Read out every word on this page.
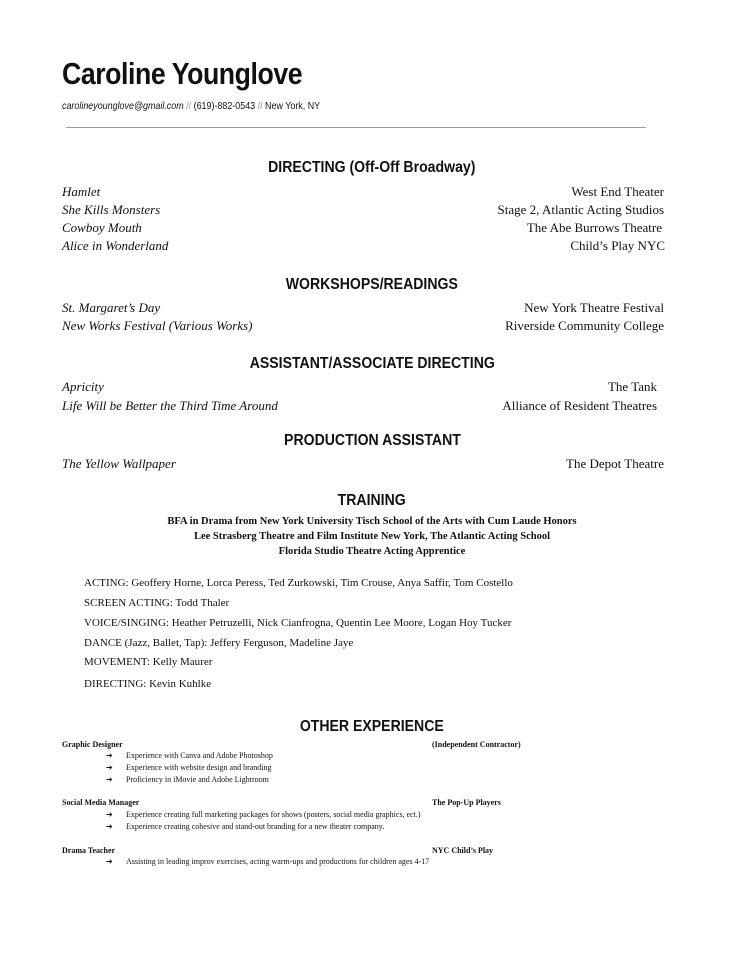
Caroline Younglove
carolineyounglove@gmail.com // (619)-882-0543 // New York, NY
DIRECTING (Off-Off Broadway)
Hamlet	West End Theater
She Kills Monsters	Stage 2, Atlantic Acting Studios
Cowboy Mouth	The Abe Burrows Theatre
Alice in Wonderland	Child’s Play NYC
WORKSHOPS/READINGS
St. Margaret’s Day	New York Theatre Festival
New Works Festival (Various Works)	Riverside Community College
ASSISTANT/ASSOCIATE DIRECTING
Apricity	The Tank
Life Will be Better the Third Time Around	Alliance of Resident Theatres
PRODUCTION ASSISTANT
The Yellow Wallpaper	The Depot Theatre
TRAINING
BFA in Drama from New York University Tisch School of the Arts with Cum Laude Honors
Lee Strasberg Theatre and Film Institute New York, The Atlantic Acting School
Florida Studio Theatre Acting Apprentice
ACTING: Geoffery Horne, Lorca Peress, Ted Zurkowski, Tim Crouse, Anya Saffir, Tom Costello
SCREEN ACTING: Todd Thaler
VOICE/SINGING: Heather Petruzelli, Nick Cianfrogna, Quentin Lee Moore, Logan Hoy Tucker
DANCE (Jazz, Ballet, Tap): Jeffery Ferguson, Madeline Jaye
MOVEMENT: Kelly Maurer
DIRECTING: Kevin Kuhlke
OTHER EXPERIENCE
Graphic Designer	(Independent Contractor)
➔ Experience with Canva and Adobe Photoshop
➔ Experience with website design and branding
➔ Proficiency in iMovie and Adobe Lightroom
Social Media Manager	The Pop-Up Players
➔ Experience creating full marketing packages for shows (posters, social media graphics, ect.)
➔ Experience creating cohesive and stand-out branding for a new theater company.
Drama Teacher	NYC Child’s Play
➔ Assisting in leading improv exercises, acting warm-ups and productions for children ages 4-17
